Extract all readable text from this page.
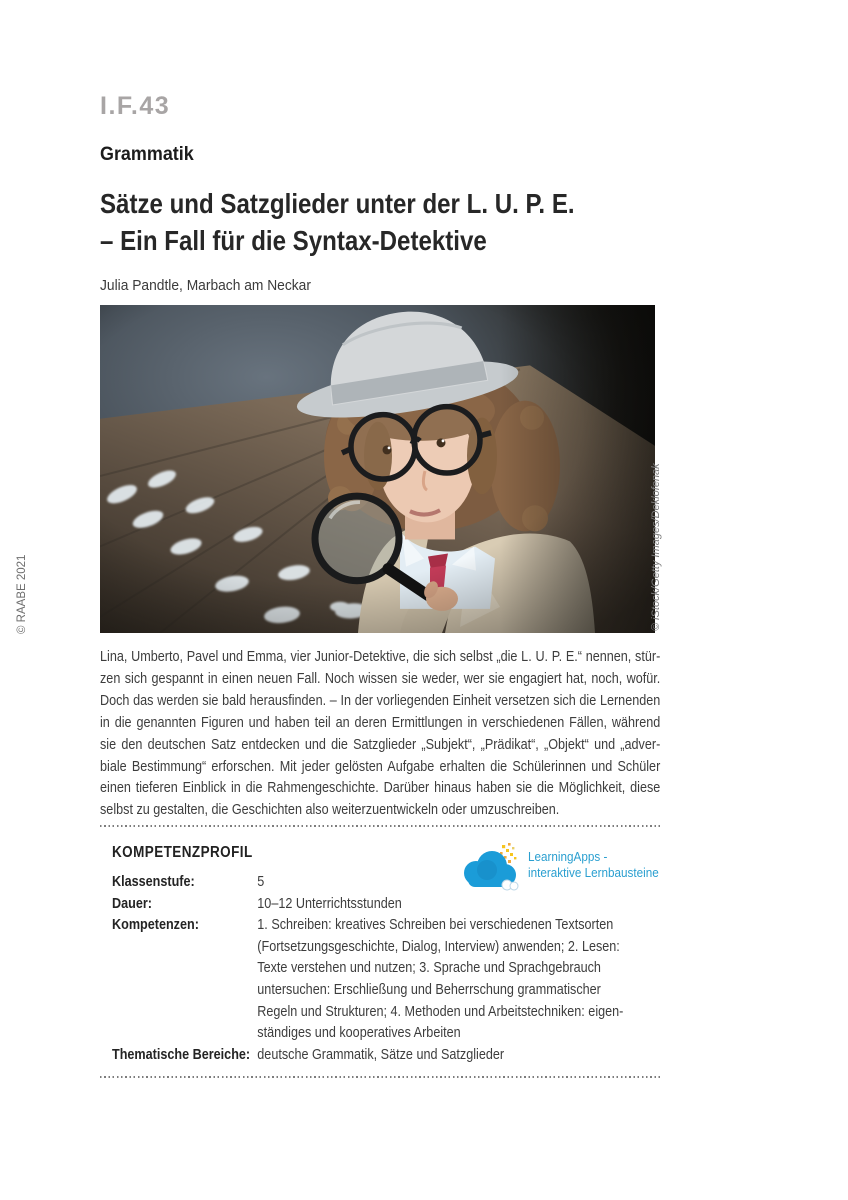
I.F.43
Grammatik
Sätze und Satzglieder unter der L. U. P. E.
– Ein Fall für die Syntax-Detektive
Julia Pandtle, Marbach am Neckar
© RAABE 2021	© iStock/Getty Images/Deklofenak
Lina, Umberto, Pavel und Emma, vier Junior-Detektive, die sich selbst „die L. U. P. E.“ nennen, stür-
zen sich gespannt in einen neuen Fall. Noch wissen sie weder, wer sie engagiert hat, noch, wofür.
Doch das werden sie bald herausfinden. – In der vorliegenden Einheit versetzen sich die Lernenden
in die genannten Figuren und haben teil an deren Ermittlungen in verschiedenen Fällen, während
sie den deutschen Satz entdecken und die Satzglieder „Subjekt“, „Prädikat“, „Objekt“ und „adver-
biale Bestimmung“ erforschen. Mit jeder gelösten Aufgabe erhalten die Schülerinnen und Schüler
einen tieferen Einblick in die Rahmengeschichte. Darüber hinaus haben sie die Möglichkeit, diese
selbst zu gestalten, die Geschichten also weiterzuentwickeln oder umzuschreiben.
KOMPETENZPROFIL	LearningApps -
interaktive Lernbausteine
Klassenstufe:	5
Dauer:	10–12 Unterrichtsstunden
Kompetenzen:	1. Schreiben: kreatives Schreiben bei verschiedenen Textsorten
(Fortsetzungsgeschichte, Dialog, Interview) anwenden; 2. Lesen:
Texte verstehen und nutzen; 3. Sprache und Sprachgebrauch
untersuchen: Erschließung und Beherrschung grammatischer
Regeln und Strukturen; 4. Methoden und Arbeitstechniken: eigen-
ständiges und kooperatives Arbeiten
Thematische Bereiche: deutsche Grammatik, Sätze und Satzglieder
